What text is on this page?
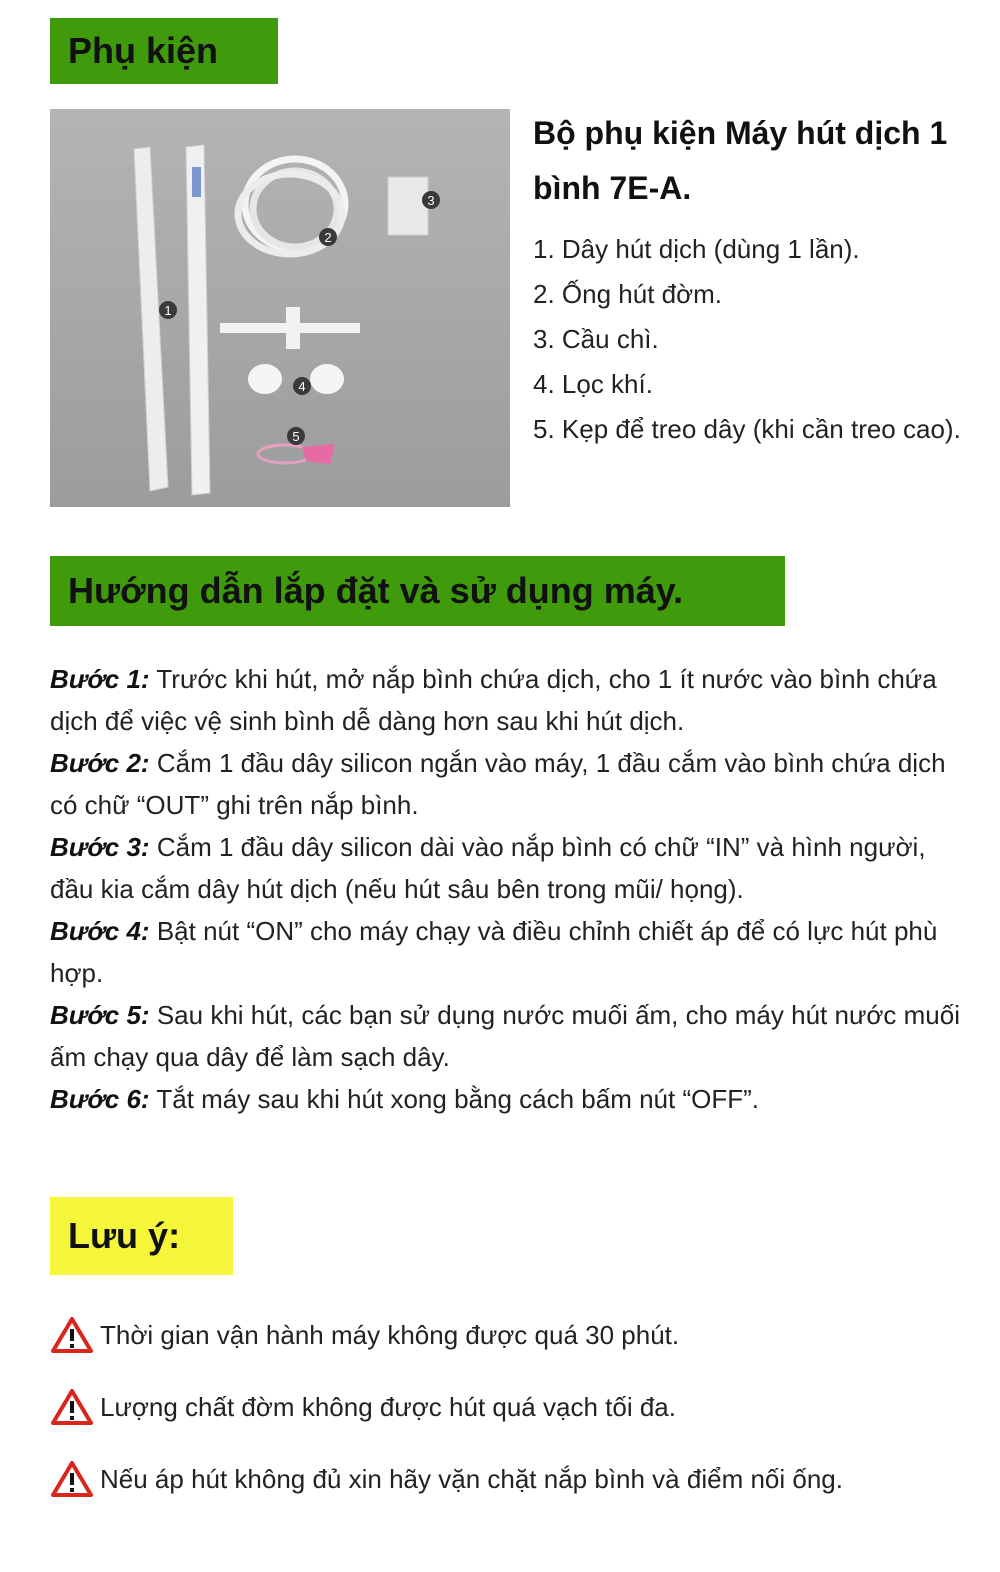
Phụ kiện
1
2
3
4
5
Bộ phụ kiện Máy hút dịch 1 bình 7E-A.
1. Dây hút dịch (dùng 1 lần).
2. Ống hút đờm.
3. Cầu chì.
4. Lọc khí.
5. Kẹp để treo dây (khi cần treo cao).
Hướng dẫn lắp đặt và sử dụng máy.

Bước 1: Trước khi hút, mở nắp bình chứa dịch, cho 1 ít nước vào bình chứa dịch để việc vệ sinh bình dễ dàng hơn sau khi hút dịch.

Bước 2: Cắm 1 đầu dây silicon ngắn vào máy, 1 đầu cắm vào bình chứa dịch có chữ “OUT” ghi trên nắp bình.

Bước 3: Cắm 1 đầu dây silicon dài vào nắp bình có chữ “IN” và hình người, đầu kia cắm dây hút dịch (nếu hút sâu bên trong mũi/ họng).

Bước 4: Bật nút “ON” cho máy chạy và điều chỉnh chiết áp để có lực hút phù hợp.

Bước 5: Sau khi hút, các bạn sử dụng nước muối ấm, cho máy hút nước muối ấm chạy qua dây để làm sạch dây.

Bước 6: Tắt máy sau khi hút xong bằng cách bấm nút “OFF”.

Lưu ý:
Thời gian vận hành máy không được quá 30 phút.
Lượng chất đờm không được hút quá vạch tối đa.
Nếu áp hút không đủ xin hãy vặn chặt nắp bình và điểm nối ống.
